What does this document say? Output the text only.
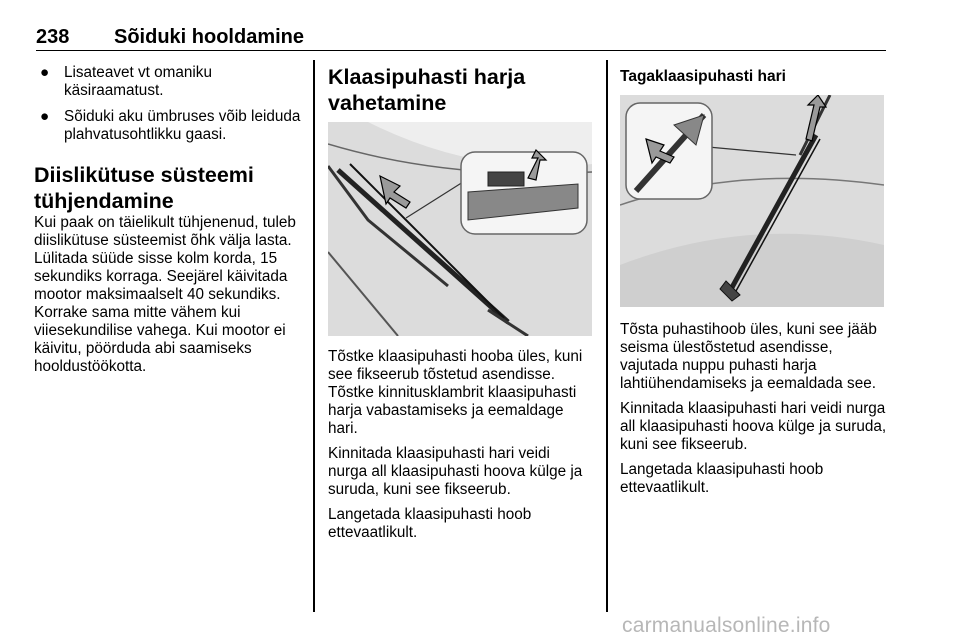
238 Sõiduki hooldamine
● Lisateavet vt omaniku käsiraamatust.
● Sõiduki aku ümbruses võib leiduda plahvatusohtlikku gaasi.
Diislikütuse süsteemi tühjendamine

Kui paak on täielikult tühjenenud, tuleb diislikütuse süsteemist õhk välja lasta. Lülitada süüde sisse kolm korda, 15 sekundiks korraga. Seejärel käivitada mootor maksimaalselt 40 sekundiks. Korrake sama mitte vähem kui viiesekundilise vahega. Kui mootor ei käivitu, pöörduda abi saamiseks hooldustöökotta.

Klaasipuhasti harja vahetamine

Tõstke klaasipuhasti hooba üles, kuni see fikseerub tõstetud asendisse. Tõstke kinnitusklambrit klaasipuhasti harja vabastamiseks ja eemaldage hari.

Kinnitada klaasipuhasti hari veidi nurga all klaasipuhasti hoova külge ja suruda, kuni see fikseerub.

Langetada klaasipuhasti hoob ettevaatlikult.

Tagaklaasipuhasti hari

Tõsta puhastihoob üles, kuni see jääb seisma ülestõstetud asendisse, vajutada nuppu puhasti harja lahtiühendamiseks ja eemaldada see.

Kinnitada klaasipuhasti hari veidi nurga all klaasipuhasti hoova külge ja suruda, kuni see fikseerub.

Langetada klaasipuhasti hoob ettevaatlikult.

carmanualsonline.info
